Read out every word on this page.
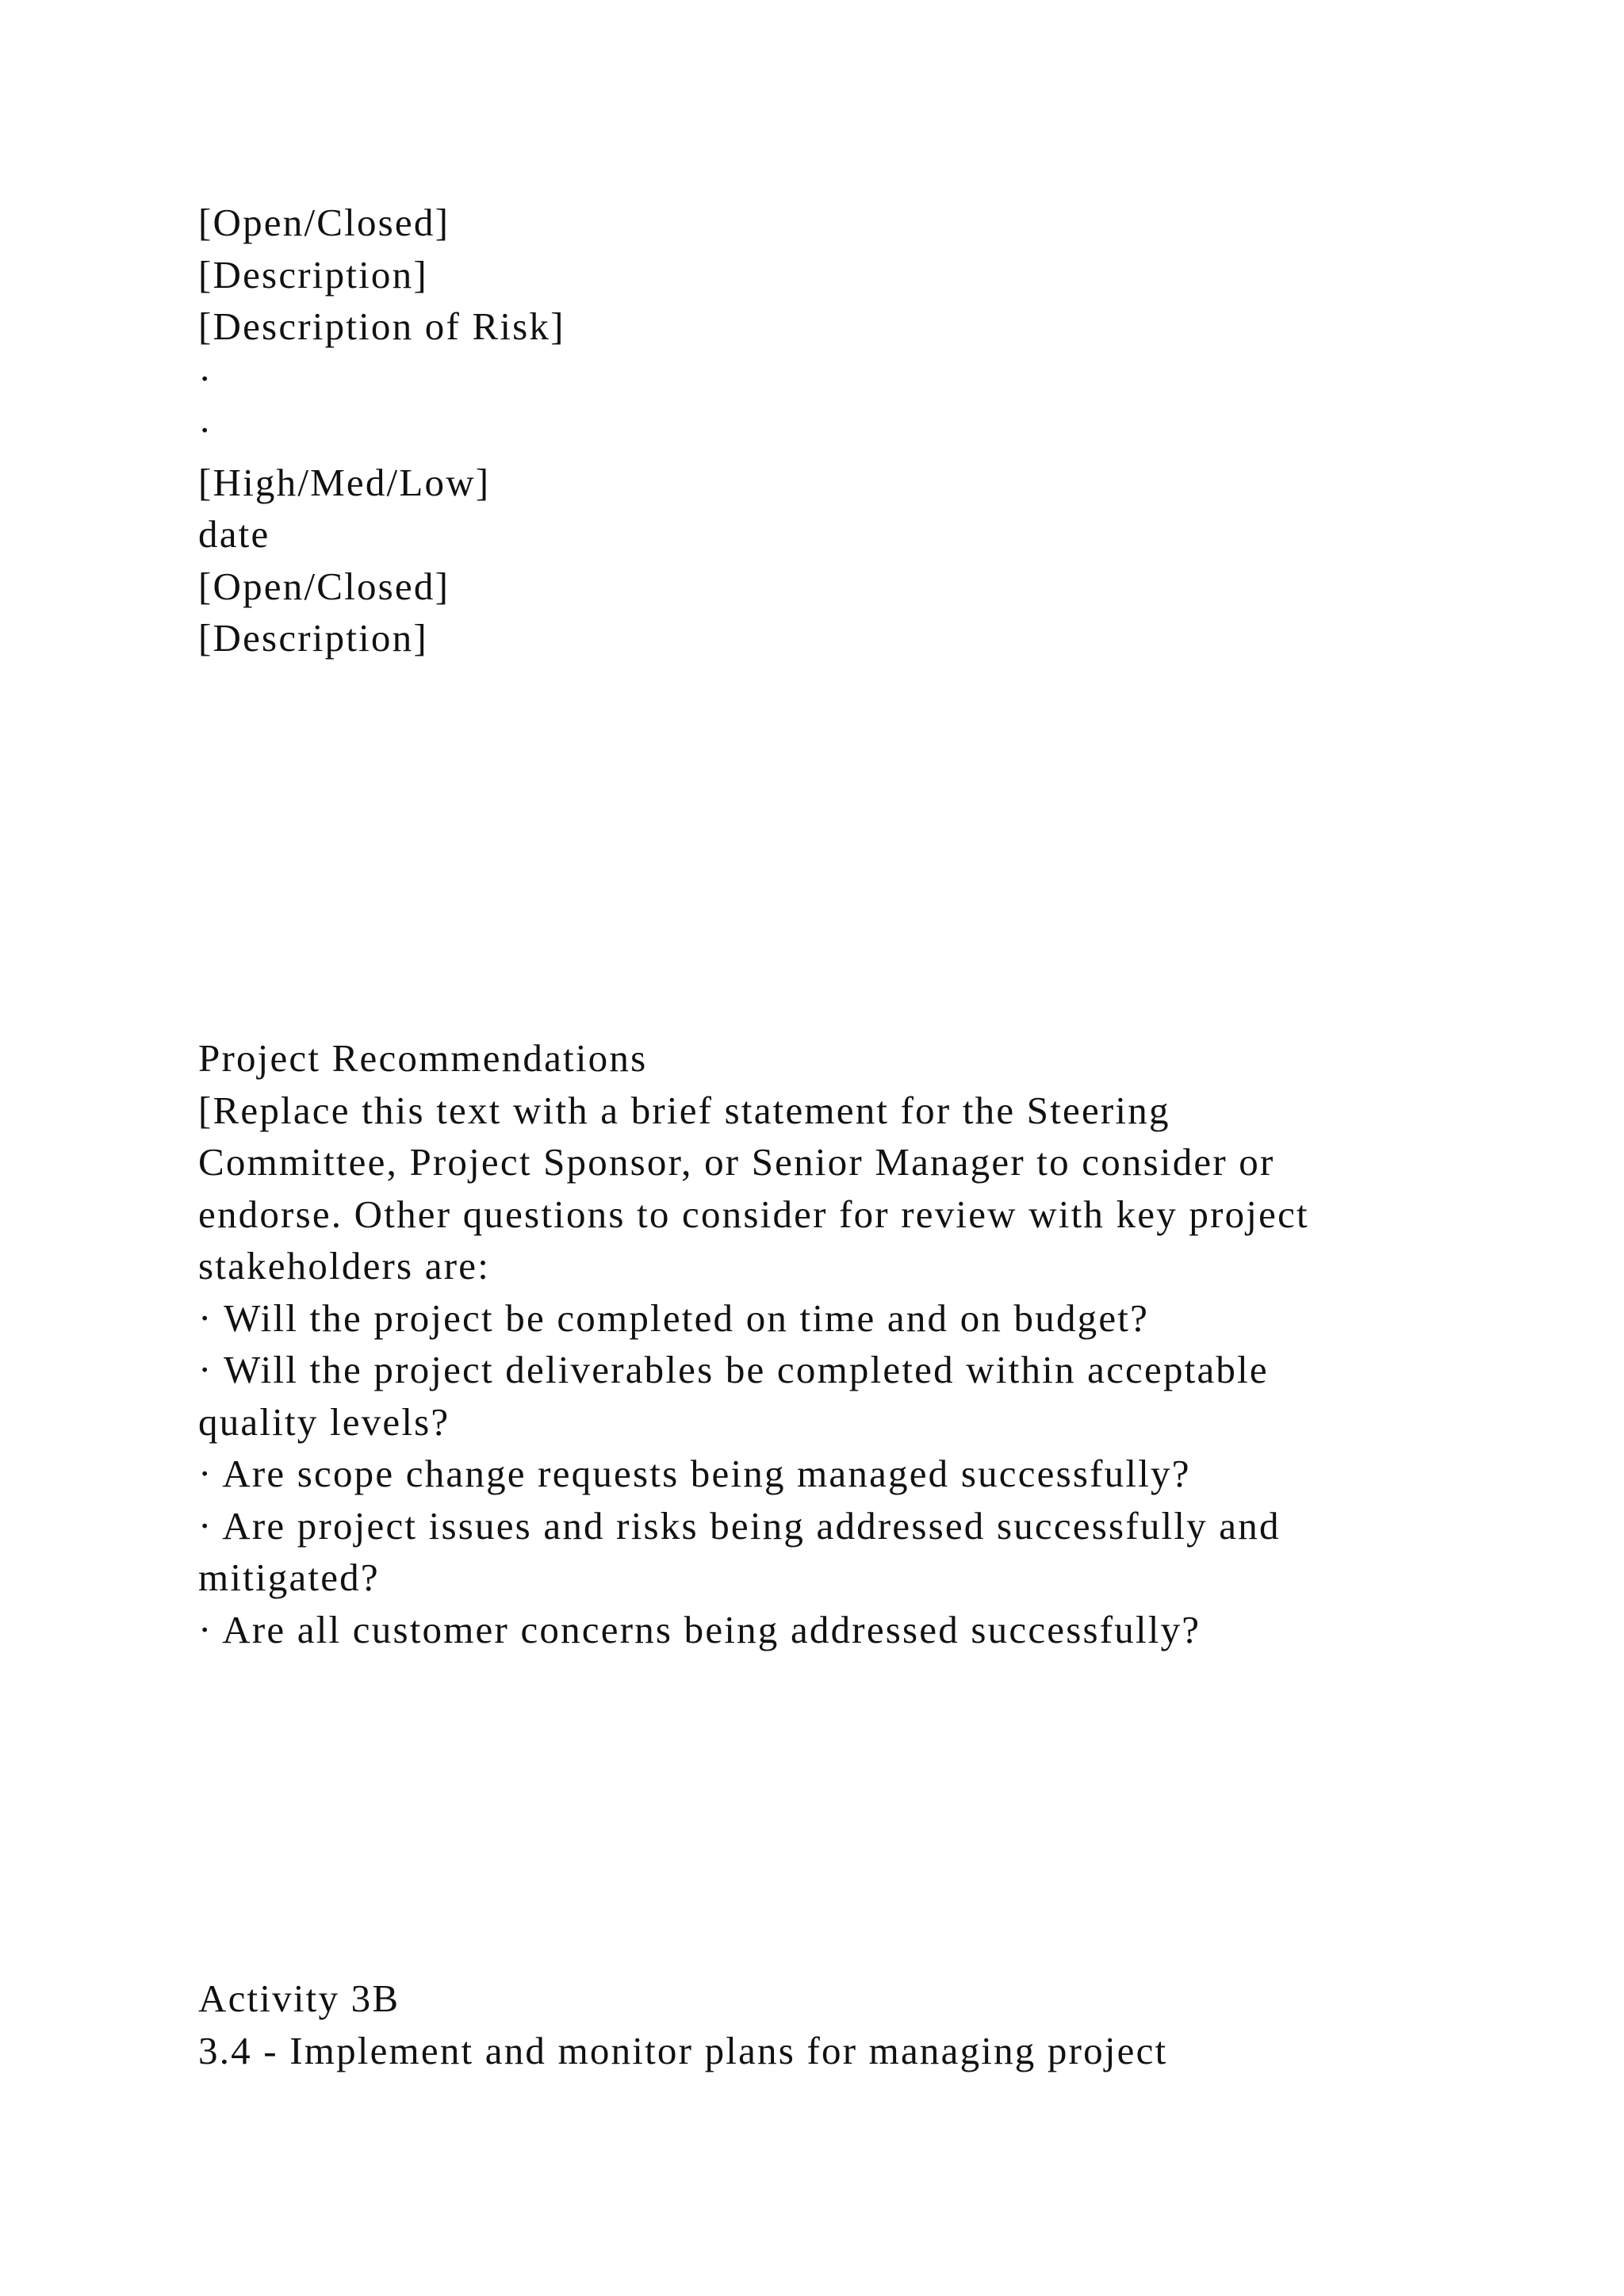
[Open/Closed]
[Description]
[Description of Risk]
·
·
[High/Med/Low]
date
[Open/Closed]
[Description]
Project Recommendations
[Replace this text with a brief statement for the Steering
Committee, Project Sponsor, or Senior Manager to consider or
endorse. Other questions to consider for review with key project
stakeholders are:
· Will the project be completed on time and on budget?
· Will the project deliverables be completed within acceptable
quality levels?
· Are scope change requests being managed successfully?
· Are project issues and risks being addressed successfully and
mitigated?
· Are all customer concerns being addressed successfully?
Activity 3B
3.4 - Implement and monitor plans for managing project
